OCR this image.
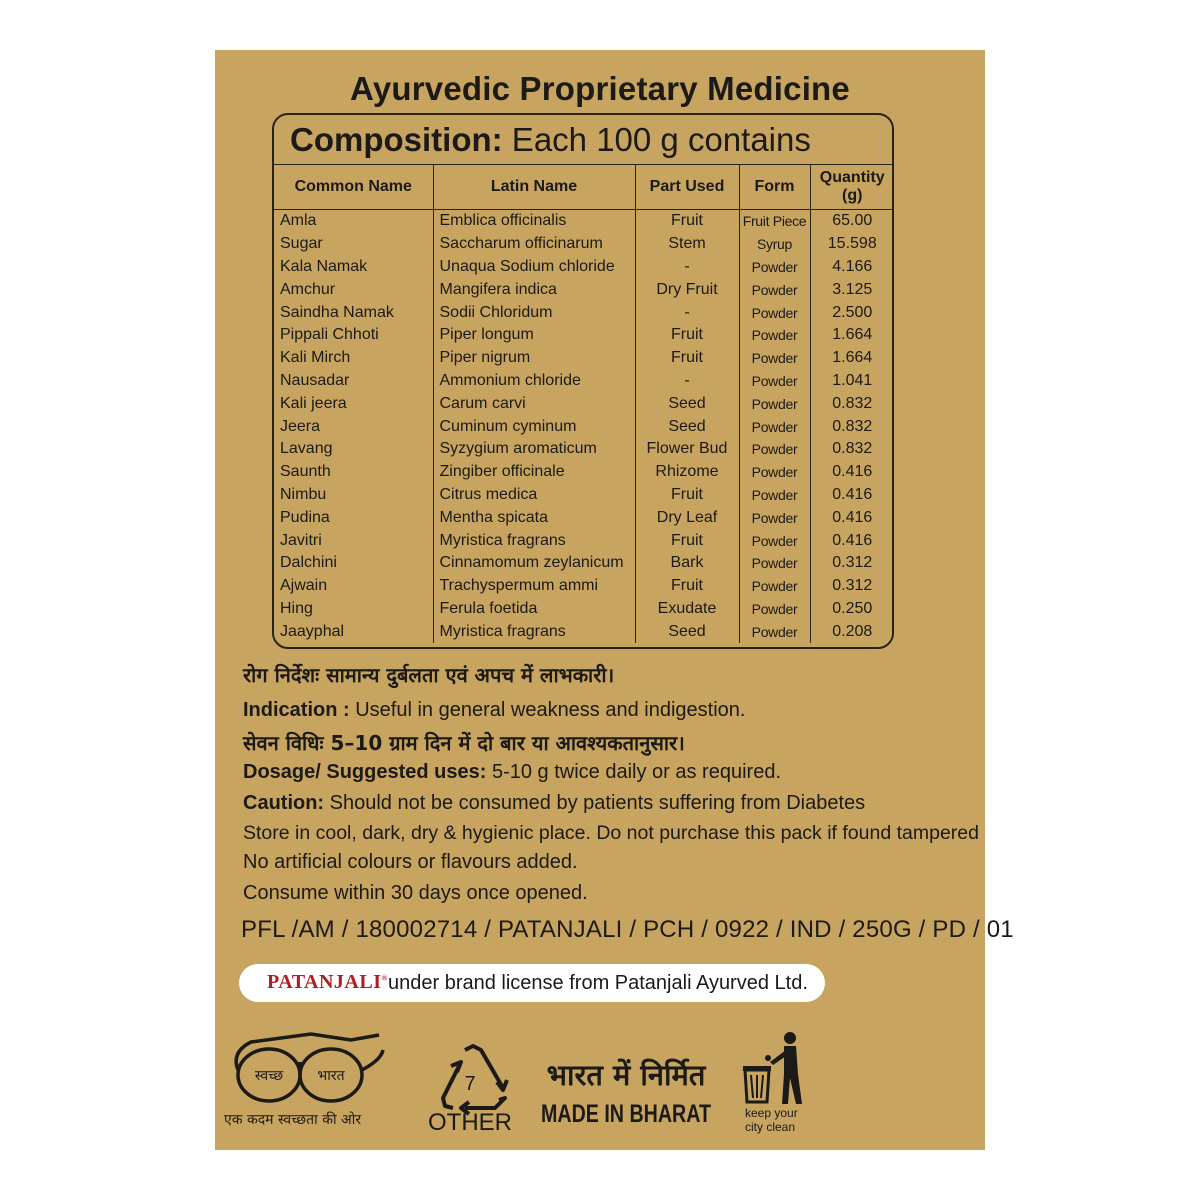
Ayurvedic Proprietary Medicine
Composition: Each 100 g contains
Common Name	Latin Name	Part Used	Form	Quantity (g)
Amla	Emblica officinalis	Fruit	Fruit Piece	65.00
Sugar	Saccharum officinarum	Stem	Syrup	15.598
Kala Namak	Unaqua Sodium chloride	-	Powder	4.166
Amchur	Mangifera indica	Dry Fruit	Powder	3.125
Saindha Namak	Sodii Chloridum	-	Powder	2.500
Pippali Chhoti	Piper longum	Fruit	Powder	1.664
Kali Mirch	Piper nigrum	Fruit	Powder	1.664
Nausadar	Ammonium chloride	-	Powder	1.041
Kali jeera	Carum carvi	Seed	Powder	0.832
Jeera	Cuminum cyminum	Seed	Powder	0.832
Lavang	Syzygium aromaticum	Flower Bud	Powder	0.832
Saunth	Zingiber officinale	Rhizome	Powder	0.416
Nimbu	Citrus medica	Fruit	Powder	0.416
Pudina	Mentha spicata	Dry Leaf	Powder	0.416
Javitri	Myristica fragrans	Fruit	Powder	0.416
Dalchini	Cinnamomum zeylanicum	Bark	Powder	0.312
Ajwain	Trachyspermum ammi	Fruit	Powder	0.312
Hing	Ferula foetida	Exudate	Powder	0.250
Jaayphal	Myristica fragrans	Seed	Powder	0.208
रोग निर्देशः सामान्य दुर्बलता एवं अपच में लाभकारी।
Indication : Useful in general weakness and indigestion.
सेवन विधिः 5–10 ग्राम दिन में दो बार या आवश्यकतानुसार।
Dosage/ Suggested uses: 5-10 g twice daily or as required.
Caution: Should not be consumed by patients suffering from Diabetes
Store in cool, dark, dry & hygienic place. Do not purchase this pack if found tampered
No artificial colours or flavours added.
Consume within 30 days once opened.
PFL /AM / 180002714 / PATANJALI / PCH / 0922 / IND / 250G / PD / 01
PATANJALI® under brand license from Patanjali Ayurved Ltd.
स्वच्छ भारत
एक कदम स्वच्छता की ओर
7
OTHER
भारत में निर्मित
MADE IN BHARAT	keep your
city clean
